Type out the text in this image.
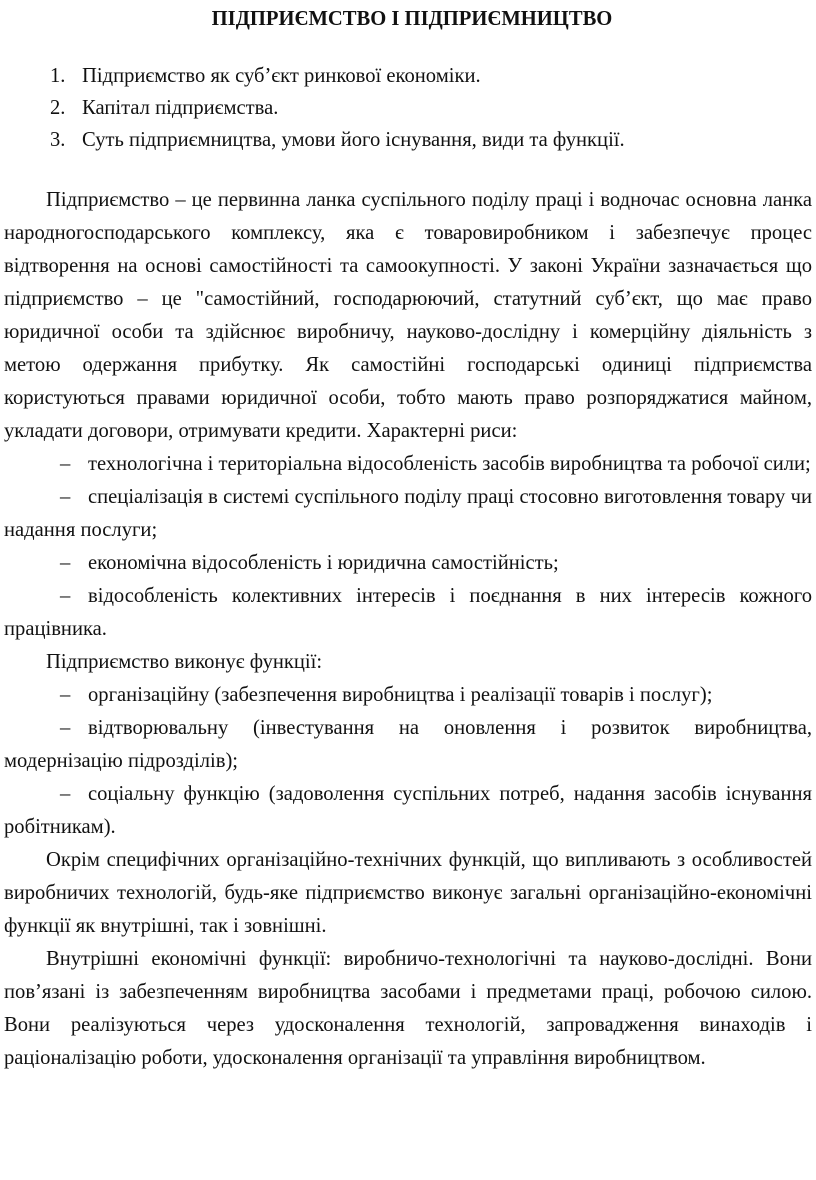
ПІДПРИЄМСТВО І ПІДПРИЄМНИЦТВО
1. Підприємство як суб’єкт ринкової економіки.
2. Капітал підприємства.
3. Суть підприємництва, умови його існування, види та функції.

Підприємство – це первинна ланка суспільного поділу праці і водночас основна ланка народногосподарського комплексу, яка є товаровиробником і забезпечує процес відтворення на основі самостійності та самоокупності. У законі України зазначається що підприємство – це "самостійний, господарюючий, статутний суб’єкт, що має право юридичної особи та здійснює виробничу, науково-дослідну і комерційну діяльність з метою одержання прибутку. Як самостійні господарські одиниці підприємства користуються правами юридичної особи, тобто мають право розпоряджатися майном, укладати договори, отримувати кредити. Характерні риси:

– технологічна і територіальна відособленість засобів виробництва та робочої сили;

– спеціалізація в системі суспільного поділу праці стосовно виготовлення товару чи надання послуги;

– економічна відособленість і юридична самостійність;

– відособленість колективних інтересів і поєднання в них інтересів кожного працівника.

Підприємство виконує функції:

– організаційну (забезпечення виробництва і реалізації товарів і послуг);

– відтворювальну (інвестування на оновлення і розвиток виробництва, модернізацію підрозділів);

– соціальну функцію (задоволення суспільних потреб, надання засобів існування робітникам).

Окрім специфічних організаційно-технічних функцій, що випливають з особливостей виробничих технологій, будь-яке підприємство виконує загальні організаційно-економічні функції як внутрішні, так і зовнішні.

Внутрішні економічні функції: виробничо-технологічні та науково-дослідні. Вони пов’язані із забезпеченням виробництва засобами і предметами праці, робочою силою. Вони реалізуються через удосконалення технологій, запровадження винаходів і раціоналізацію роботи, удосконалення організації та управління виробництвом.
